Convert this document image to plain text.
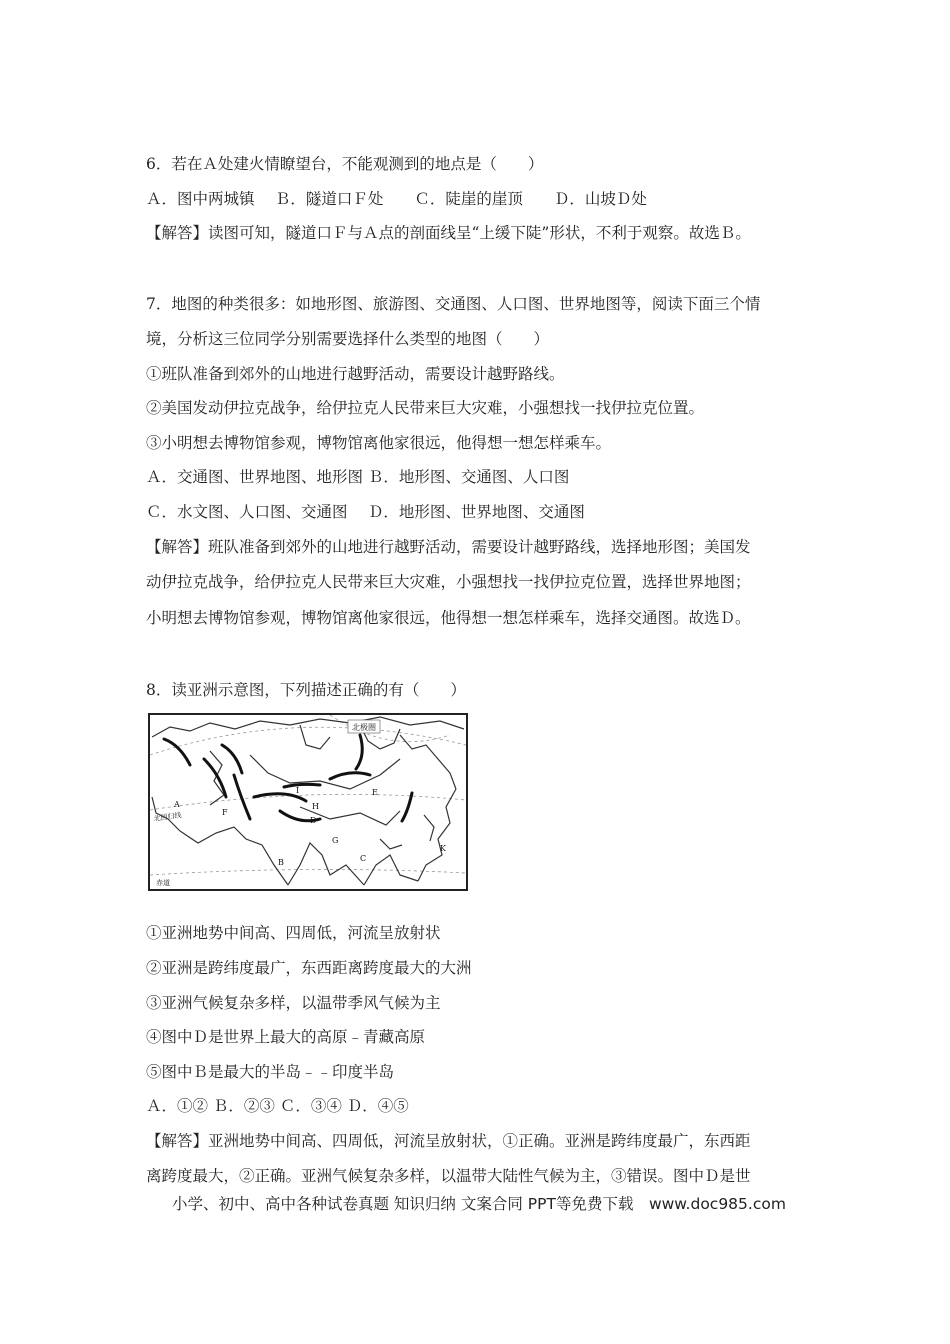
6．若在Ａ处建火情瞭望台，不能观测到的地点是（　　）
Ａ．图中两城镇　 Ｂ．隧道口Ｆ处　　Ｃ．陡崖的崖顶　　Ｄ．山坡Ｄ处
【解答】读图可知，隧道口Ｆ与Ａ点的剖面线呈“上缓下陡”形状，不利于观察。故选Ｂ。
7．地图的种类很多：如地形图、旅游图、交通图、人口图、世界地图等，阅读下面三个情
境，分析这三位同学分别需要选择什么类型的地图（　　）
①班队准备到郊外的山地进行越野活动，需要设计越野路线。
②美国发动伊拉克战争，给伊拉克人民带来巨大灾难，小强想找一找伊拉克位置。
③小明想去博物馆参观，博物馆离他家很远，他得想一想怎样乘车。
Ａ．交通图、世界地图、地形图 Ｂ．地形图、交通图、人口图
Ｃ．水文图、人口图、交通图　 Ｄ．地形图、世界地图、交通图
【解答】班队准备到郊外的山地进行越野活动，需要设计越野路线，选择地形图；美国发
动伊拉克战争，给伊拉克人民带来巨大灾难，小强想找一找伊拉克位置，选择世界地图；
小明想去博物馆参观，博物馆离他家很远，他得想一想怎样乘车，选择交通图。故选Ｄ。
8．读亚洲示意图，下列描述正确的有（　　）
北极圈
北回归线
赤道
A
F
I
H
D
E
G
B	C
K
①亚洲地势中间高、四周低，河流呈放射状
②亚洲是跨纬度最广，东西距离跨度最大的大洲
③亚洲气候复杂多样，以温带季风气候为主
④图中Ｄ是世界上最大的高原﹣青藏高原
⑤图中Ｂ是最大的半岛﹣﹣印度半岛
Ａ．①② Ｂ．②③ Ｃ．③④ Ｄ．④⑤
【解答】亚洲地势中间高、四周低，河流呈放射状，①正确。亚洲是跨纬度最广，东西距
离跨度最大，②正确。亚洲气候复杂多样，以温带大陆性气候为主，③错误。图中Ｄ是世
小学、初中、高中各种试卷真题 知识归纳 文案合同 PPT等免费下载　www.doc985.com
